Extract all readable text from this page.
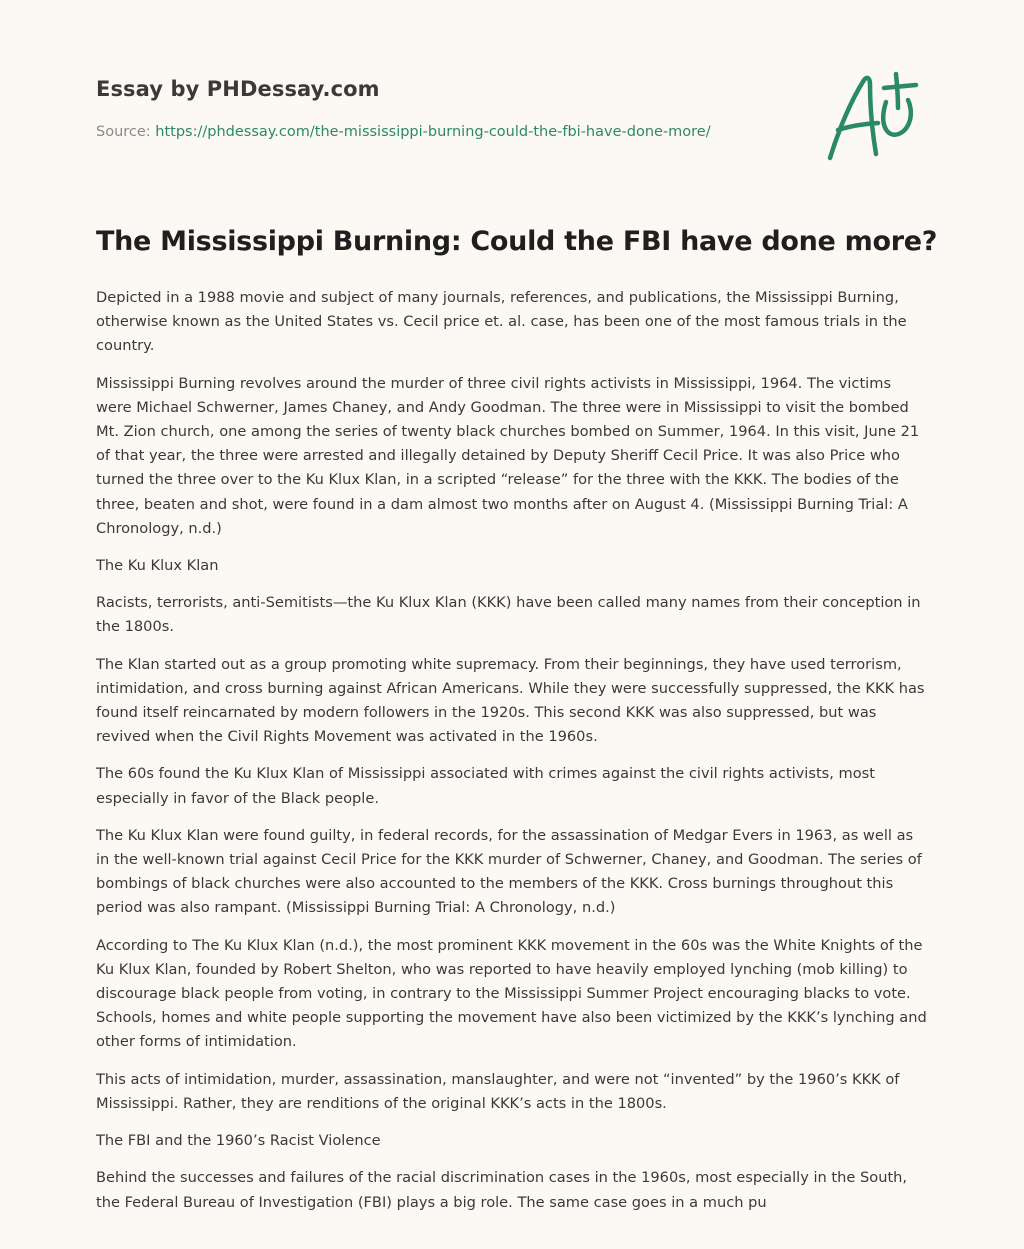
Essay by PHDessay.com
Source: https://phdessay.com/the-mississippi-burning-could-the-fbi-have-done-more/
The Mississippi Burning: Could the FBI have done more?

Depicted in a 1988 movie and subject of many journals, references, and publications, the Mississippi Burning, otherwise known as the United States vs. Cecil price et. al. case, has been one of the most famous trials in the country.

Mississippi Burning revolves around the murder of three civil rights activists in Mississippi, 1964. The victims were Michael Schwerner, James Chaney, and Andy Goodman. The three were in Mississippi to visit the bombed Mt. Zion church, one among the series of twenty black churches bombed on Summer, 1964. In this visit, June 21 of that year, the three were arrested and illegally detained by Deputy Sheriff Cecil Price. It was also Price who turned the three over to the Ku Klux Klan, in a scripted “release” for the three with the KKK. The bodies of the three, beaten and shot, were found in a dam almost two months after on August 4. (Mississippi Burning Trial: A Chronology, n.d.)

The Ku Klux Klan

Racists, terrorists, anti-Semitists—the Ku Klux Klan (KKK) have been called many names from their conception in the 1800s.

The Klan started out as a group promoting white supremacy. From their beginnings, they have used terrorism, intimidation, and cross burning against African Americans. While they were successfully suppressed, the KKK has found itself reincarnated by modern followers in the 1920s. This second KKK was also suppressed, but was revived when the Civil Rights Movement was activated in the 1960s.

The 60s found the Ku Klux Klan of Mississippi associated with crimes against the civil rights activists, most especially in favor of the Black people.

The Ku Klux Klan were found guilty, in federal records, for the assassination of Medgar Evers in 1963, as well as in the well-known trial against Cecil Price for the KKK murder of Schwerner, Chaney, and Goodman. The series of bombings of black churches were also accounted to the members of the KKK. Cross burnings throughout this period was also rampant. (Mississippi Burning Trial: A Chronology, n.d.)

According to The Ku Klux Klan (n.d.), the most prominent KKK movement in the 60s was the White Knights of the Ku Klux Klan, founded by Robert Shelton, who was reported to have heavily employed lynching (mob killing) to discourage black people from voting, in contrary to the Mississippi Summer Project encouraging blacks to vote. Schools, homes and white people supporting the movement have also been victimized by the KKK’s lynching and other forms of intimidation.

This acts of intimidation, murder, assassination, manslaughter, and were not “invented” by the 1960’s KKK of Mississippi. Rather, they are renditions of the original KKK’s acts in the 1800s.

The FBI and the 1960’s Racist Violence

Behind the successes and failures of the racial discrimination cases in the 1960s, most especially in the South, the Federal Bureau of Investigation (FBI) plays a big role. The same case goes in a much pu
